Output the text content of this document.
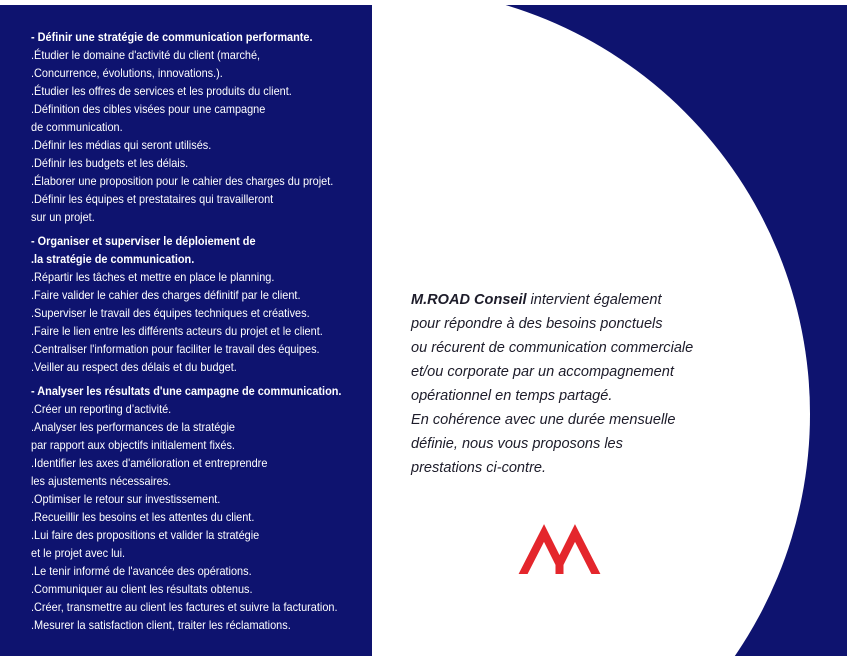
- Définir une stratégie de communication performante.
.Étudier le domaine d'activité du client (marché,
.Concurrence, évolutions, innovations.).
.Étudier les offres de services et les produits du client.
.Définition des cibles visées pour une campagne
de communication.
.Définir les médias qui seront utilisés.
.Définir les budgets et les délais.
.Élaborer une proposition pour le cahier des charges du projet.
.Définir les équipes et prestataires qui travailleront
sur un projet.
- Organiser et superviser le déploiement de
.la stratégie de communication.
.Répartir les tâches et mettre en place le planning.
.Faire valider le cahier des charges définitif par le client.
.Superviser le travail des équipes techniques et créatives.
.Faire le lien entre les différents acteurs du projet et le client.
.Centraliser l'information pour faciliter le travail des équipes.
.Veiller au respect des délais et du budget.
- Analyser les résultats d'une campagne de communication.
.Créer un reporting d’activité.
.Analyser les performances de la stratégie
par rapport aux objectifs initialement fixés.
.Identifier les axes d'amélioration et entreprendre
les ajustements nécessaires.
.Optimiser le retour sur investissement.
.Recueillir les besoins et les attentes du client.
.Lui faire des propositions et valider la stratégie
et le projet avec lui.
.Le tenir informé de l'avancée des opérations.
.Communiquer au client les résultats obtenus.
.Créer, transmettre au client les factures et suivre la facturation.
.Mesurer la satisfaction client, traiter les réclamations.
M.ROAD Conseil intervient également
pour répondre à des besoins ponctuels
ou récurent de communication commerciale
et/ou corporate par un accompagnement
opérationnel en temps partagé.
En cohérence avec une durée mensuelle
définie, nous vous proposons les
prestations ci-contre.
